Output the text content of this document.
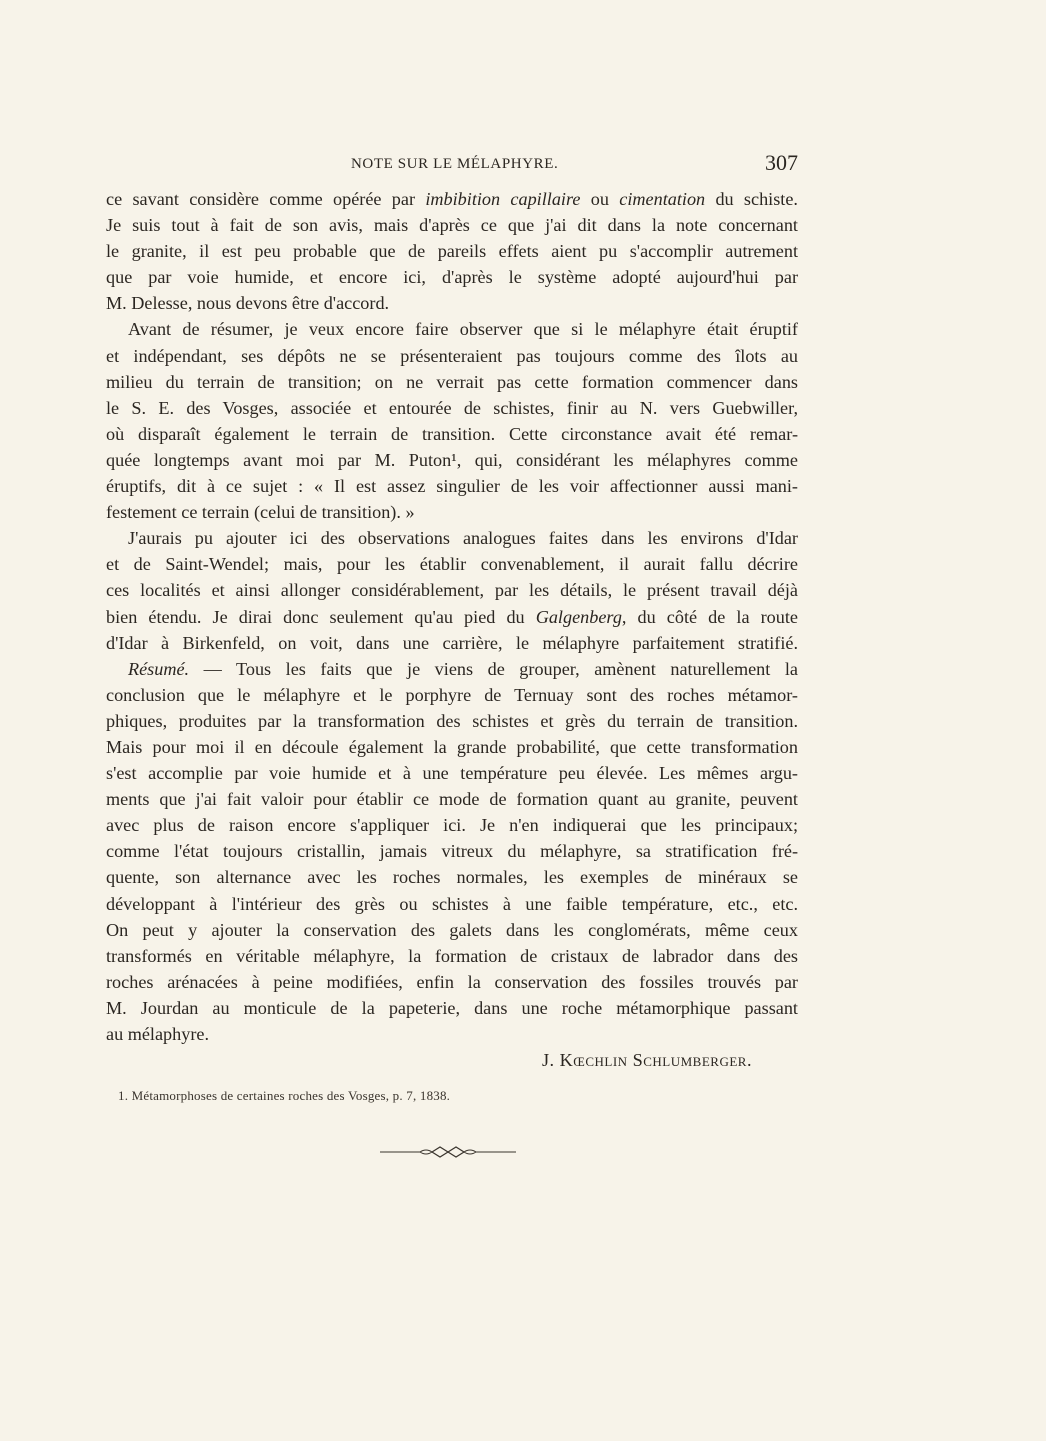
NOTE SUR LE MÉLAPHYRE.	307
ce savant considère comme opérée par imbibition capillaire ou cimentation du schiste.
Je suis tout à fait de son avis, mais d'après ce que j'ai dit dans la note concernant
le granite, il est peu probable que de pareils effets aient pu s'accomplir autrement
que par voie humide, et encore ici, d'après le système adopté aujourd'hui par
M. Delesse, nous devons être d'accord.
Avant de résumer, je veux encore faire observer que si le mélaphyre était éruptif
et indépendant, ses dépôts ne se présenteraient pas toujours comme des îlots au
milieu du terrain de transition; on ne verrait pas cette formation commencer dans
le S. E. des Vosges, associée et entourée de schistes, finir au N. vers Guebwiller,
où disparaît également le terrain de transition. Cette circonstance avait été remar-
quée longtemps avant moi par M. Puton¹, qui, considérant les mélaphyres comme
éruptifs, dit à ce sujet : « Il est assez singulier de les voir affectionner aussi mani-
festement ce terrain (celui de transition). »
J'aurais pu ajouter ici des observations analogues faites dans les environs d'Idar
et de Saint-Wendel; mais, pour les établir convenablement, il aurait fallu décrire
ces localités et ainsi allonger considérablement, par les détails, le présent travail déjà
bien étendu. Je dirai donc seulement qu'au pied du Galgenberg, du côté de la route
d'Idar à Birkenfeld, on voit, dans une carrière, le mélaphyre parfaitement stratifié.
Résumé. — Tous les faits que je viens de grouper, amènent naturellement la
conclusion que le mélaphyre et le porphyre de Ternuay sont des roches métamor-
phiques, produites par la transformation des schistes et grès du terrain de transition.
Mais pour moi il en découle également la grande probabilité, que cette transformation
s'est accomplie par voie humide et à une température peu élevée. Les mêmes argu-
ments que j'ai fait valoir pour établir ce mode de formation quant au granite, peuvent
avec plus de raison encore s'appliquer ici. Je n'en indiquerai que les principaux;
comme l'état toujours cristallin, jamais vitreux du mélaphyre, sa stratification fré-
quente, son alternance avec les roches normales, les exemples de minéraux se
développant à l'intérieur des grès ou schistes à une faible température, etc., etc.
On peut y ajouter la conservation des galets dans les conglomérats, même ceux
transformés en véritable mélaphyre, la formation de cristaux de labrador dans des
roches arénacées à peine modifiées, enfin la conservation des fossiles trouvés par
M. Jourdan au monticule de la papeterie, dans une roche métamorphique passant
au mélaphyre.
J. Kœchlin Schlumberger.
1. Métamorphoses de certaines roches des Vosges, p. 7, 1838.
